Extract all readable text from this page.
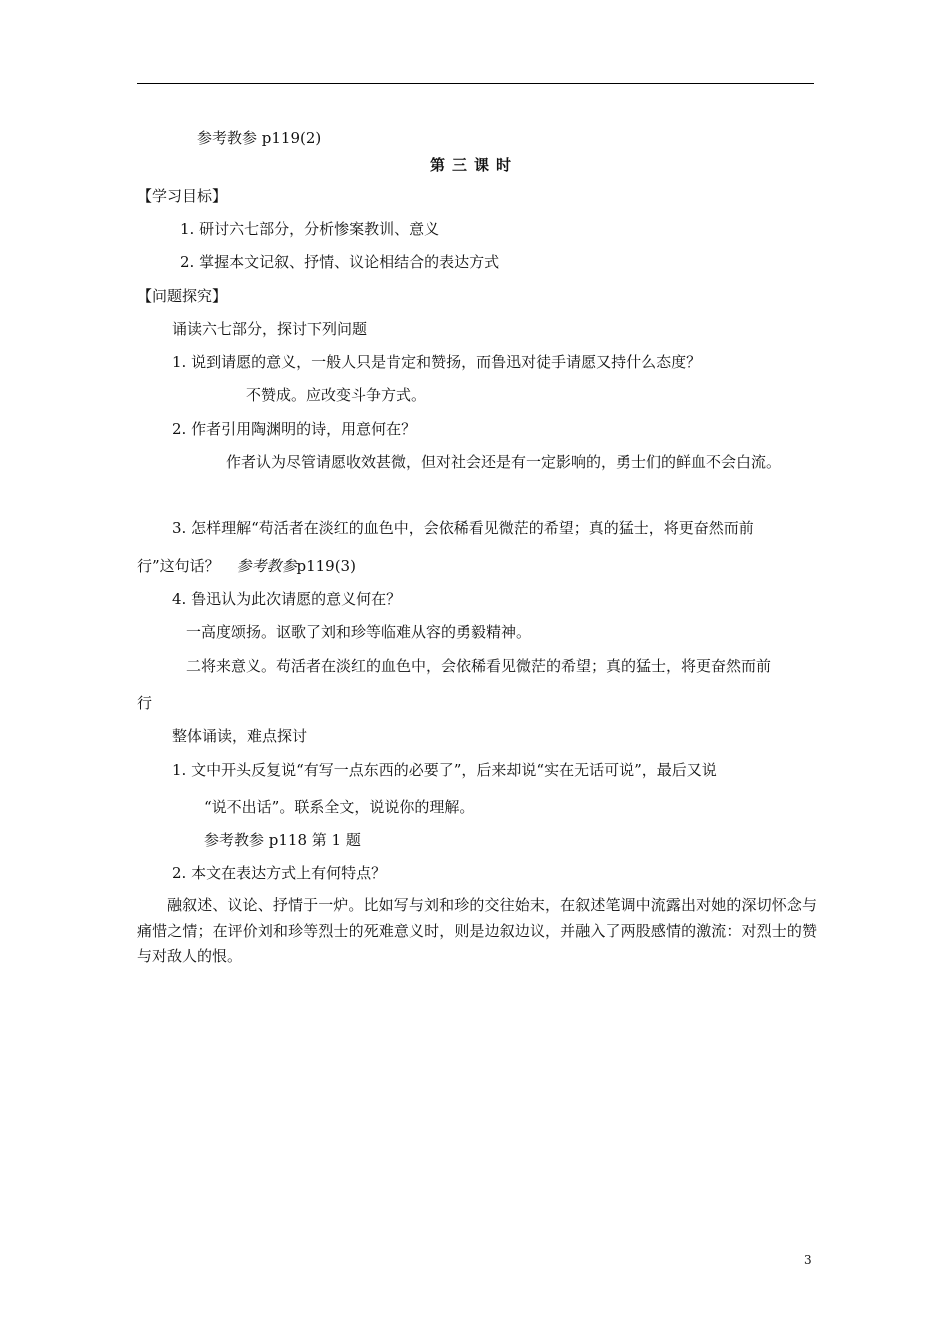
参考教参 p119(2)
第三课时
【学习目标】
1. 研讨六七部分，分析惨案教训、意义
2. 掌握本文记叙、抒情、议论相结合的表达方式
【问题探究】
诵读六七部分，探讨下列问题
1. 说到请愿的意义，一般人只是肯定和赞扬，而鲁迅对徒手请愿又持什么态度？
不赞成。应改变斗争方式。
2. 作者引用陶渊明的诗，用意何在？
作者认为尽管请愿收效甚微，但对社会还是有一定影响的，勇士们的鲜血不会白流。
3. 怎样理解“苟活者在淡红的血色中，会依稀看见微茫的希望；真的猛士，将更奋然而前
行”这句话？ 参考教参p119(3)
4. 鲁迅认为此次请愿的意义何在？
一高度颂扬。讴歌了刘和珍等临难从容的勇毅精神。
二将来意义。苟活者在淡红的血色中，会依稀看见微茫的希望；真的猛士，将更奋然而前
行
整体诵读，难点探讨
1. 文中开头反复说“有写一点东西的必要了”，后来却说“实在无话可说”，最后又说
“说不出话”。联系全文，说说你的理解。
参考教参 p118 第 1 题
2. 本文在表达方式上有何特点？
融叙述、议论、抒情于一炉。比如写与刘和珍的交往始末，在叙述笔调中流露出对她的深切怀念与痛惜之情；在评价刘和珍等烈士的死难意义时，则是边叙边议，并融入了两股感情的激流：对烈士的赞与对敌人的恨。
3
